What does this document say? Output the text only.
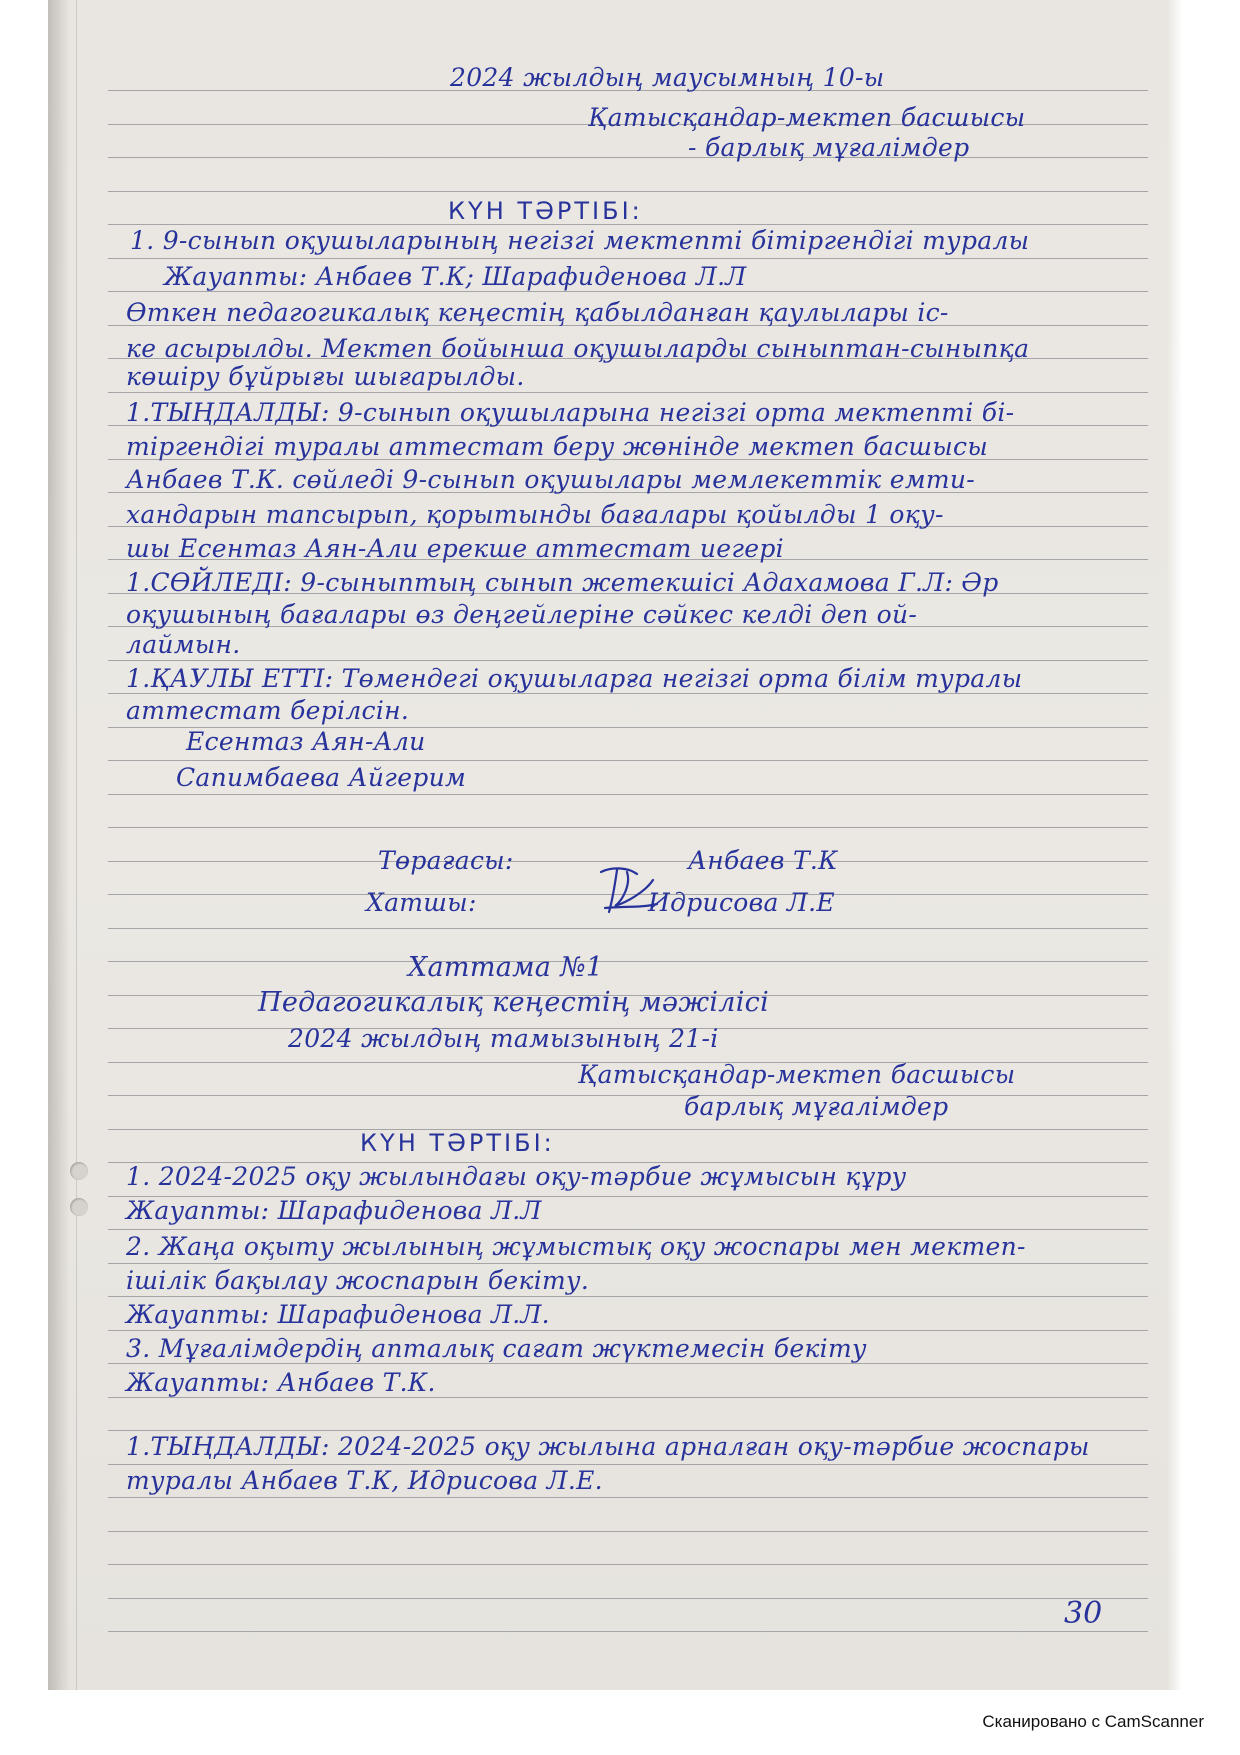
2024 жылдың маусымның 10-ы
Қатысқандар-мектеп басшысы
- барлық мұғалімдер
КҮН ТӘРТІБІ:
1. 9-сынып оқушыларының негізгі мектепті бітіргендігі туралы
Жауапты: Анбаев Т.К; Шарафиденова Л.Л
Өткен педагогикалық кеңестің қабылданған қаулылары іс-
ке асырылды. Мектеп бойынша оқушыларды сыныптан-сыныпқа
көшіру бұйрығы шығарылды.
1.ТЫҢДАЛДЫ: 9-сынып оқушыларына негізгі орта мектепті бі-
тіргендігі туралы аттестат беру жөнінде мектеп басшысы
Анбаев Т.К. сөйледі 9-сынып оқушылары мемлекеттік емти-
хандарын тапсырып, қорытынды бағалары қойылды 1 оқу-
шы Есентаз Аян-Али ерекше аттестат иегері
1.СӨЙЛЕДІ: 9-сыныптың сынып жетекшісі Адахамова Г.Л: Әр
оқушының бағалары өз деңгейлеріне сәйкес келді деп ой-
лаймын.
1.ҚАУЛЫ ЕТТІ: Төмендегі оқушыларға негізгі орта білім туралы
аттестат берілсін.
Есентаз Аян-Али
Сапимбаева Айгерим
Төрағасы:	Анбаев Т.К
Хатшы:	Идрисова Л.Е
Хаттама №1
Педагогикалық кеңестің мәжілісі
2024 жылдың тамызының 21-і
Қатысқандар-мектеп басшысы
барлық мұғалімдер
КҮН ТӘРТІБІ:
1. 2024-2025 оқу жылындағы оқу-тәрбие жұмысын құру
Жауапты: Шарафиденова Л.Л
2. Жаңа оқыту жылының жұмыстық оқу жоспары мен мектеп-
ішілік бақылау жоспарын бекіту.
Жауапты: Шарафиденова Л.Л.
3. Мұғалімдердің апталық сағат жүктемесін бекіту
Жауапты: Анбаев Т.К.
1.ТЫҢДАЛДЫ: 2024-2025 оқу жылына арналған оқу-тәрбие жоспары
туралы Анбаев Т.К, Идрисова Л.Е.
30
Сканировано с CamScanner
